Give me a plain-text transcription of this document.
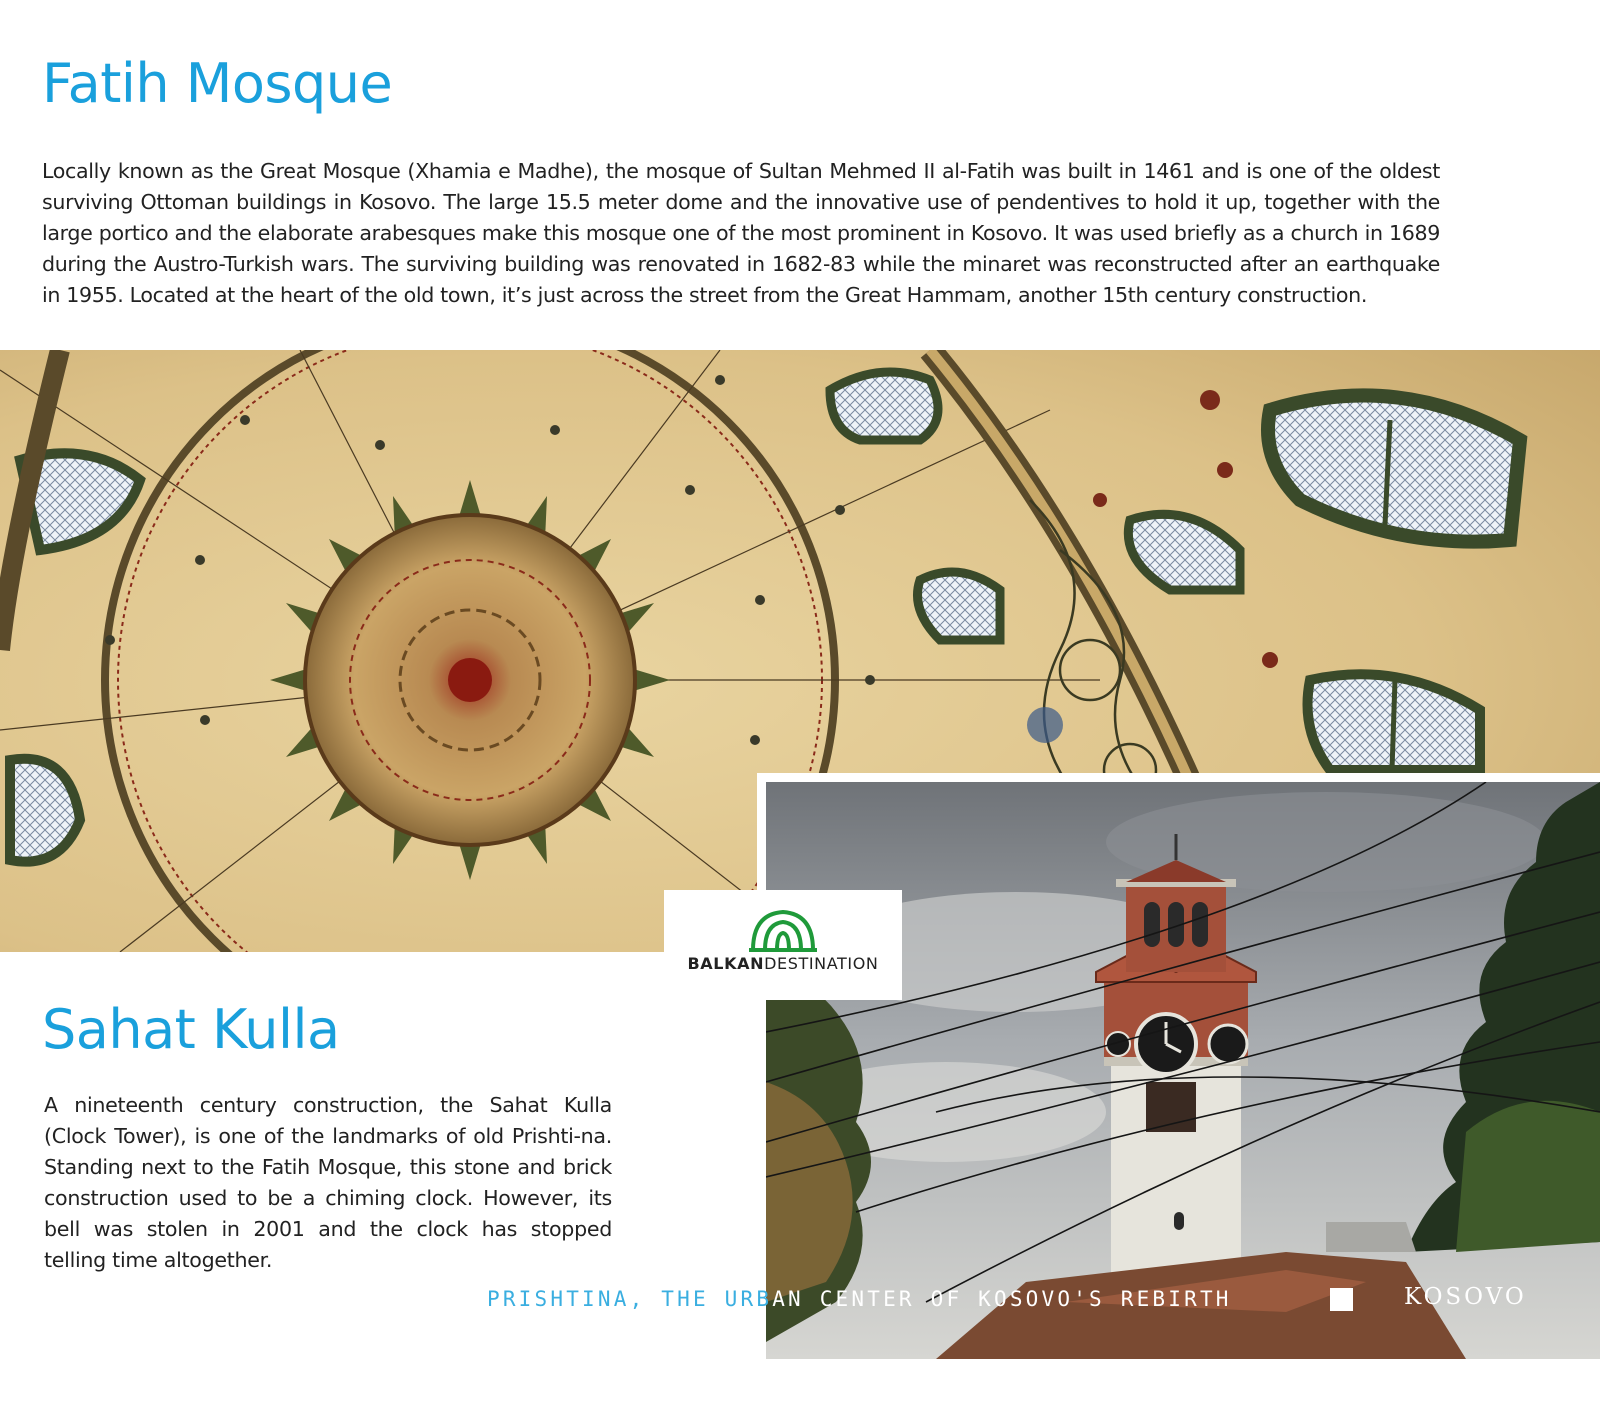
Fatih Mosque

Locally known as the Great Mosque (Xhamia e Madhe), the mosque of Sultan Mehmed II al-Fatih was built in 1461 and is one of the oldest surviving Ottoman buildings in Kosovo. The large 15.5 meter dome and the innovative use of pendentives to hold it up, together with the large portico and the elaborate arabesques make this mosque one of the most prominent in Kosovo. It was used briefly as a church in 1689 during the Austro-Turkish wars. The surviving building was renovated in 1682-83 while the minaret was reconstructed after an earthquake in 1955. Located at the heart of the old town, it’s just across the street from the Great Hammam, another 15th century construction.

Sahat Kulla

A nineteenth century construction, the Sahat Kulla (Clock Tower), is one of the landmarks of old Prishti-na. Standing next to the Fatih Mosque, this stone and brick construction used to be a chiming clock. However, its bell was stolen in 2001 and the clock has stopped telling time altogether.

BALKANDESTINATION
PRISHTINA, THE URBAN CENTER OF KOSOVO'S REBIRTH	KOSOVO
